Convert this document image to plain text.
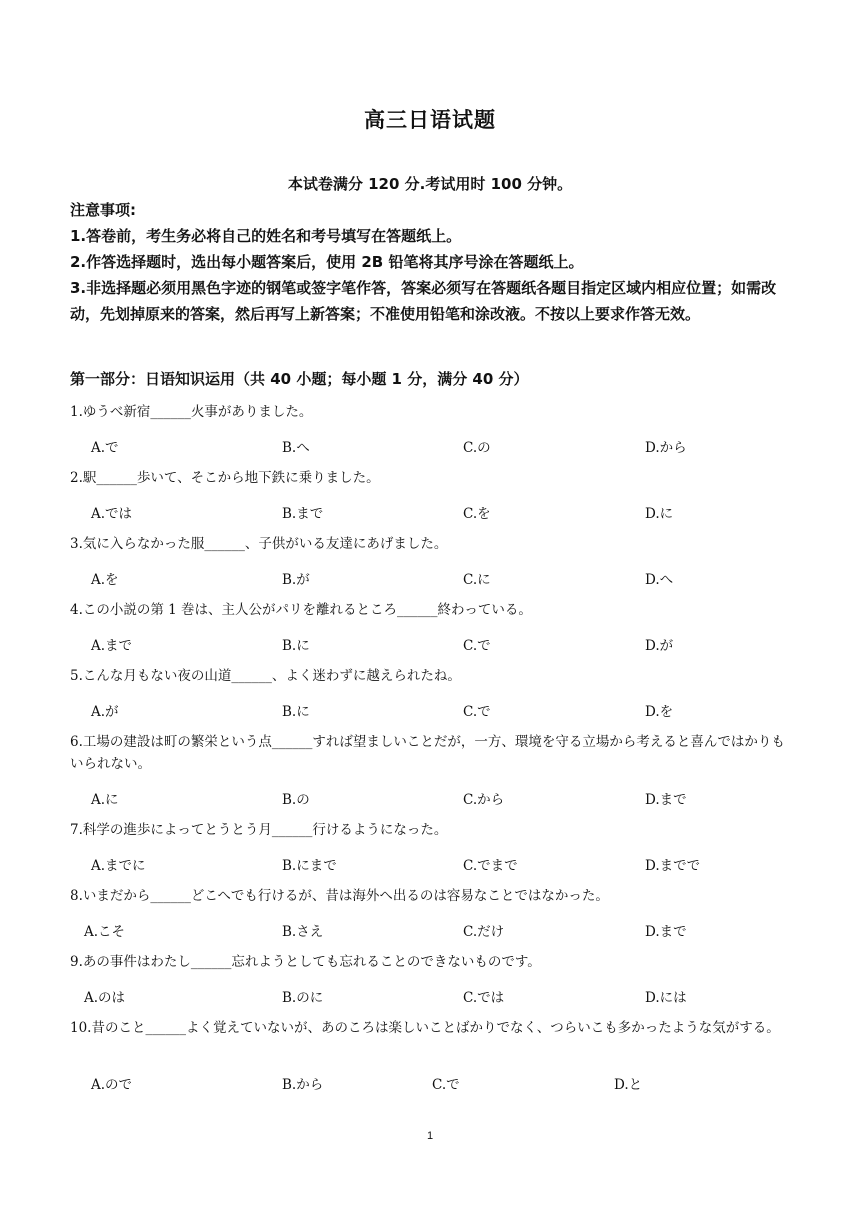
高三日语试题
本试卷满分 120 分.考试用时 100 分钟。
注意事项:
1.答卷前，考生务必将自己的姓名和考号填写在答题纸上。
2.作答选择题时，选出每小题答案后，使用 2B 铅笔将其序号涂在答题纸上。
3.非选择题必须用黑色字迹的钢笔或签字笔作答，答案必须写在答题纸各题目指定区域内相应位置；如需改动，先划掉原来的答案，然后再写上新答案；不准使用铅笔和涂改液。不按以上要求作答无效。
第一部分：日语知识运用（共 40 小题；每小题 1 分，满分 40 分）
1.ゆうべ新宿______火事がありました。
A.で	B.へ	C.の	D.から
2.駅______歩いて、そこから地下鉄に乗りました。
A.では	B.まで	C.を	D.に
3.気に入らなかった服______、子供がいる友達にあげました。
A.を	B.が	C.に	D.へ
4.この小説の第 1 巻は、主人公がパリを離れるところ______終わっている。
A.まで	B.に	C.で	D.が
5.こんな月もない夜の山道______、よく迷わずに越えられたね。
A.が	B.に	C.で	D.を
6.工場の建設は町の繁栄という点______すれば望ましいことだが，一方、環境を守る立場から考えると喜んではかりもいられない。
A.に	B.の	C.から	D.まで
7.科学の進歩によってとうとう月______行けるようになった。
A.までに	B.にまで	C.でまで	D.までで
8.いまだから______どこへでも行けるが、昔は海外へ出るのは容易なことではなかった。
A.こそ	B.さえ	C.だけ	D.まで
9.あの事件はわたし______忘れようとしても忘れることのできないものです。
A.のは	B.のに	C.では	D.には
10.昔のこと______よく覚えていないが、あのころは楽しいことばかりでなく、つらいこも多かったような気がする。
A.ので	B.から	C.で	D.と
1
